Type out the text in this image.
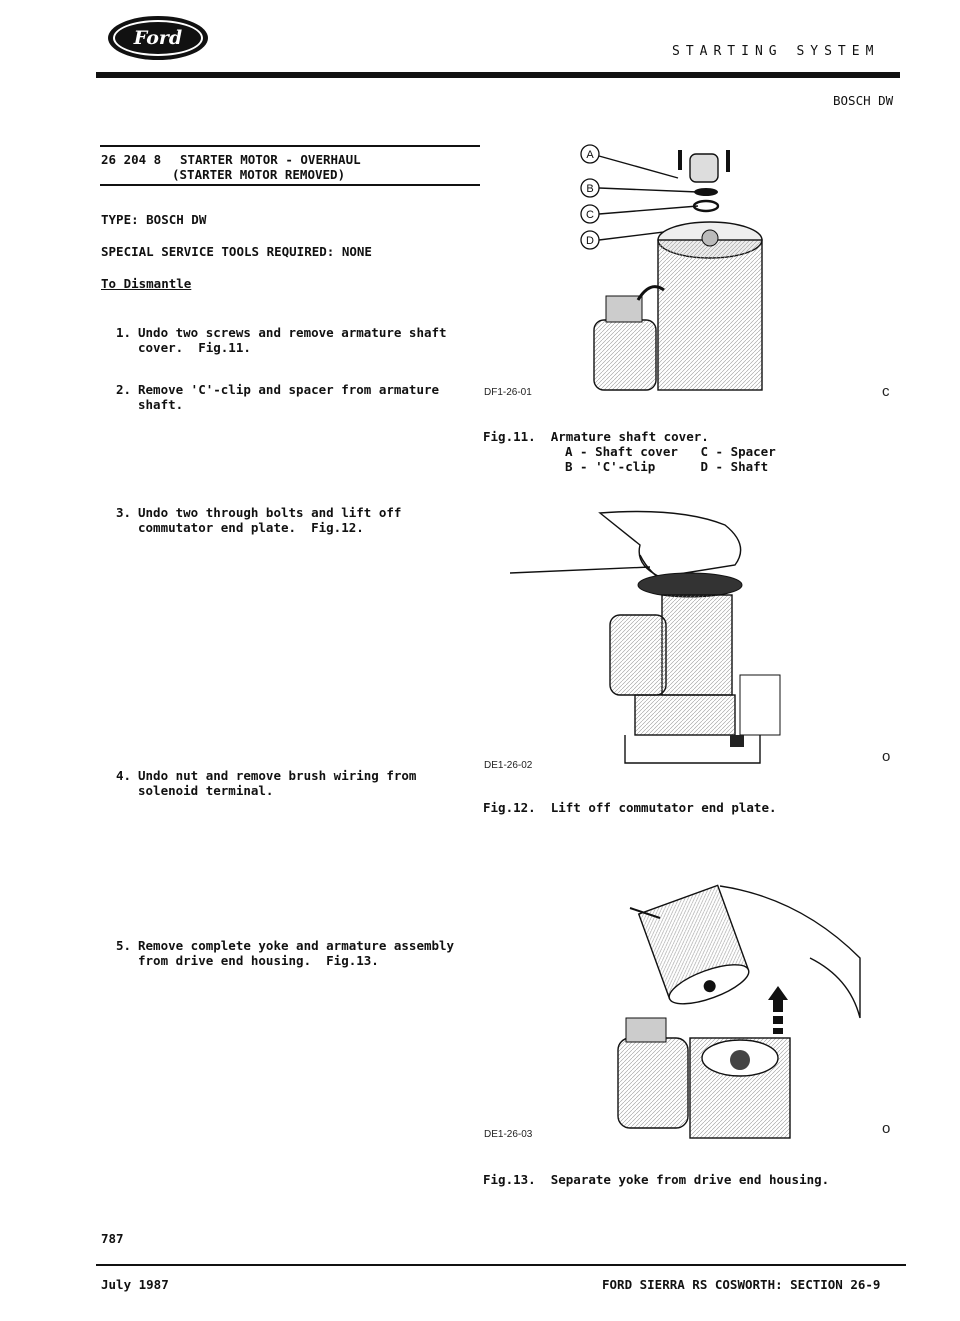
Ford
STARTING SYSTEM
BOSCH DW
26 204 8 STARTER MOTOR - OVERHAUL
(STARTER MOTOR REMOVED)
TYPE: BOSCH DW
SPECIAL SERVICE TOOLS REQUIRED: NONE
To Dismantle
1. Undo two screws and remove armature shaft
cover.  Fig.11.
2. Remove 'C'-clip and spacer from armature
shaft.
3. Undo two through bolts and lift off
commutator end plate.  Fig.12.
4. Undo nut and remove brush wiring from
solenoid terminal.
5. Remove complete yoke and armature assembly
from drive end housing.  Fig.13.
A
B
C
D
DF1-26-01
Fig.11.  Armature shaft cover.
A - Shaft cover   C - Spacer
B - 'C'-clip      D - Shaft
DE1-26-02
Fig.12.  Lift off commutator end plate.
DE1-26-03
Fig.13.  Separate yoke from drive end housing.
c
o
o
787
July 1987	FORD SIERRA RS COSWORTH: SECTION 26-9
